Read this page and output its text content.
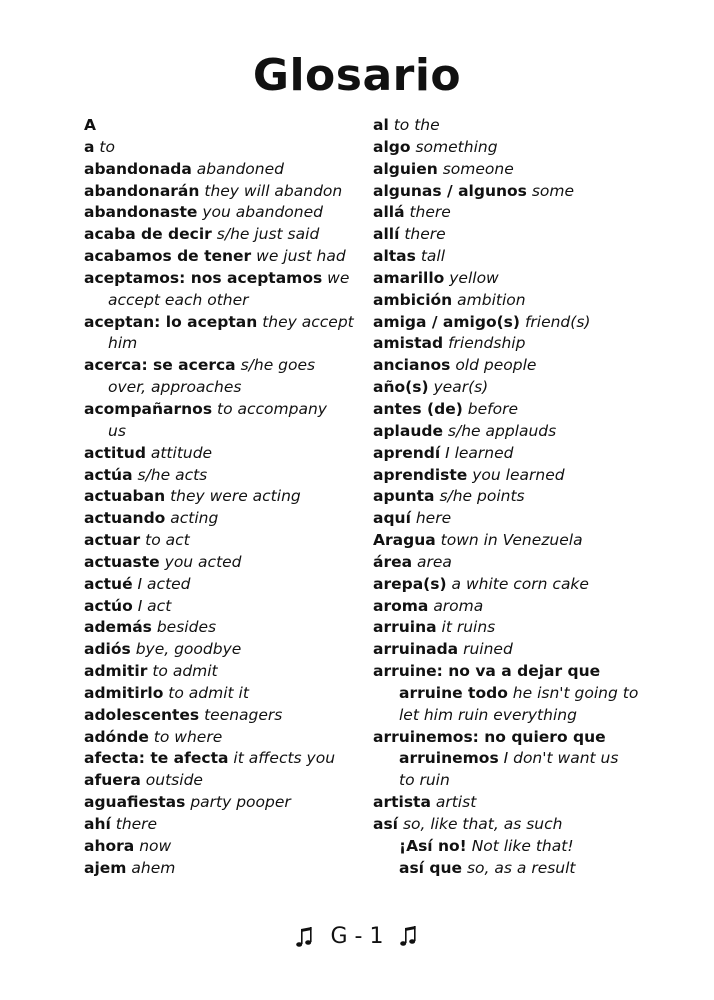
Glosario
A
a to
abandonada abandoned
abandonarán they will abandon
abandonaste you abandoned
acaba de decir s/he just said
acabamos de tener we just had
aceptamos: nos aceptamos we
accept each other
aceptan: lo aceptan they accept
him
acerca: se acerca s/he goes
over, approaches
acompañarnos to accompany
us
actitud attitude
actúa s/he acts
actuaban they were acting
actuando acting
actuar to act
actuaste you acted
actué I acted
actúo I act
además besides
adiós bye, goodbye
admitir to admit
admitirlo to admit it
adolescentes teenagers
adónde to where
afecta: te afecta it affects you
afuera outside
aguafiestas party pooper
ahí there
ahora now
ajem ahem
al to the
algo something
alguien someone
algunas / algunos some
allá there
allí there
altas tall
amarillo yellow
ambición ambition
amiga / amigo(s) friend(s)
amistad friendship
ancianos old people
año(s) year(s)
antes (de) before
aplaude s/he applauds
aprendí I learned
aprendiste you learned
apunta s/he points
aquí here
Aragua town in Venezuela
área area
arepa(s) a white corn cake
aroma aroma
arruina it ruins
arruinada ruined
arruine: no va a dejar que
arruine todo he isn't going to
let him ruin everything
arruinemos: no quiero que
arruinemos I don't want us
to ruin
artista artist
así so, like that, as such
¡Así no! Not like that!
así que so, as a result
G - 1
